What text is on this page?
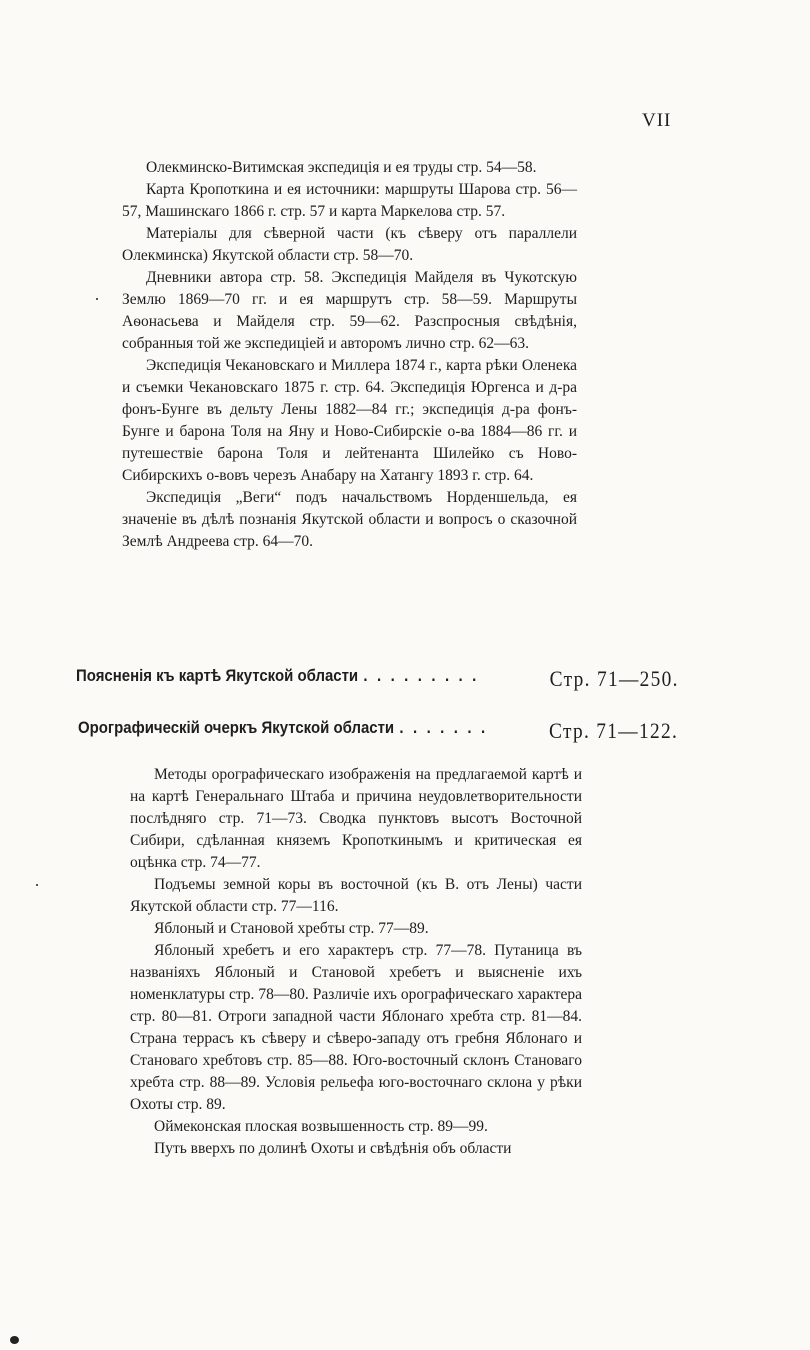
VII

Олекминско-Витимская экспедиція и ея труды стр. 54—58.

Карта Кропоткина и ея источники: маршруты Шарова стр. 56—57, Машинскаго 1866 г. стр. 57 и карта Маркелова стр. 57.

Матеріалы для сѣверной части (къ сѣверу отъ параллели Олекминска) Якутской области стр. 58—70.

Дневники автора стр. 58. Экспедиція Майделя въ Чукотскую Землю 1869—70 гг. и ея маршрутъ стр. 58—59. Маршруты Аѳонасьева и Майделя стр. 59—62. Разспросныя свѣдѣнія, собранныя той же экспедиціей и авторомъ лично стр. 62—63.

Экспедиція Чекановскаго и Миллера 1874 г., карта рѣки Оленека и съемки Чекановскаго 1875 г. стр. 64. Экспедиція Юргенса и д-ра фонъ-Бунге въ дельту Лены 1882—84 гг.; экспедиція д-ра фонъ-Бунге и барона Толя на Яну и Ново-Сибирскіе о-ва 1884—86 гг. и путешествіе барона Толя и лейтенанта Шилейко съ Ново-Сибирскихъ о-вовъ черезъ Анабару на Хатангу 1893 г. стр. 64.

Экспедиція „Веги“ подъ начальствомъ Норденшельда, ея значеніе въ дѣлѣ познанія Якутской области и вопросъ о сказочной Землѣ Андреева стр. 64—70.

Поясненія къ картѣ Якутской области . . . . . . . . .	Стр. 71—250.
Орографическій очеркъ Якутской области . . . . . . .	Стр. 71—122.

Методы орографическаго изображенія на предлагаемой картѣ и на картѣ Генеральнаго Штаба и причина неудовлетворительности послѣдняго стр. 71—73. Сводка пунктовъ высотъ Восточной Сибири, сдѣланная княземъ Кропоткинымъ и критическая ея оцѣнка стр. 74—77.

Подъемы земной коры въ восточной (къ В. отъ Лены) части Якутской области стр. 77—116.

Яблоный и Становой хребты стр. 77—89.

Яблоный хребетъ и его характеръ стр. 77—78. Путаница въ названіяхъ Яблоный и Становой хребетъ и выясненіе ихъ номенклатуры стр. 78—80. Различіе ихъ орографическаго характера стр. 80—81. Отроги западной части Яблонаго хребта стр. 81—84. Страна террасъ къ сѣверу и сѣверо-западу отъ гребня Яблонаго и Становаго хребтовъ стр. 85—88. Юго-восточный склонъ Становаго хребта стр. 88—89. Условія рельефа юго-восточнаго склона у рѣки Охоты стр. 89.

Оймеконская плоская возвышенность стр. 89—99.

Путь вверхъ по долинѣ Охоты и свѣдѣнія объ области
